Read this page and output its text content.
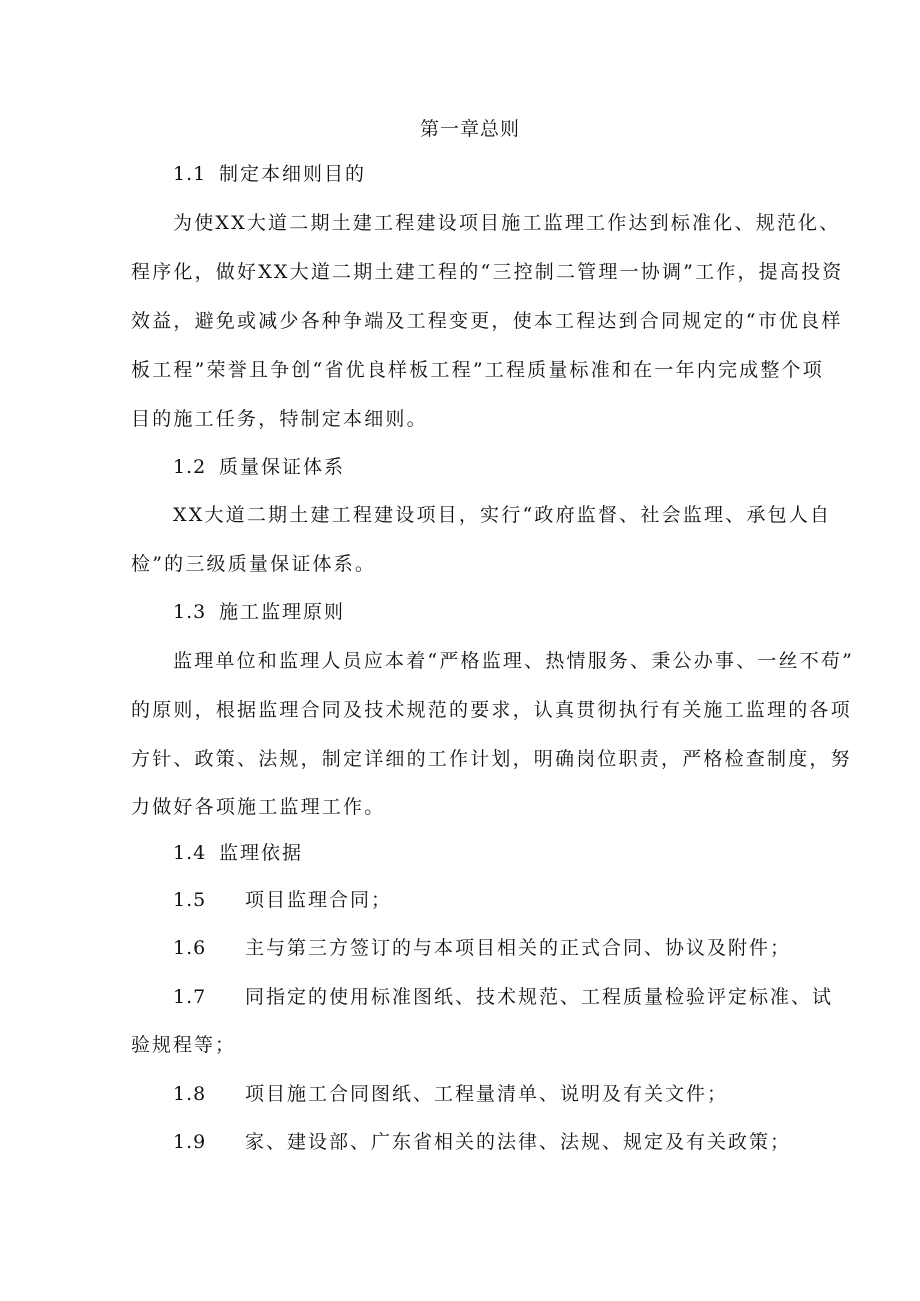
第一章总则
1.1 制定本细则目的
为使XX大道二期土建工程建设项目施工监理工作达到标准化、规范化、
程序化，做好XX大道二期土建工程的“三控制二管理一协调”工作，提高投资
效益，避免或减少各种争端及工程变更，使本工程达到合同规定的“市优良样
板工程”荣誉且争创“省优良样板工程”工程质量标准和在一年内完成整个项
目的施工任务，特制定本细则。
1.2 质量保证体系
XX大道二期土建工程建设项目，实行“政府监督、社会监理、承包人自
检”的三级质量保证体系。
1.3 施工监理原则
监理单位和监理人员应本着“严格监理、热情服务、秉公办事、一丝不苟”
的原则，根据监理合同及技术规范的要求，认真贯彻执行有关施工监理的各项
方针、政策、法规，制定详细的工作计划，明确岗位职责，严格检查制度，努
力做好各项施工监理工作。
1.4 监理依据
1.5 项目监理合同；
1.6 主与第三方签订的与本项目相关的正式合同、协议及附件；
1.7 同指定的使用标准图纸、技术规范、工程质量检验评定标准、试
验规程等；
1.8 项目施工合同图纸、工程量清单、说明及有关文件；
1.9 家、建设部、广东省相关的法律、法规、规定及有关政策；
